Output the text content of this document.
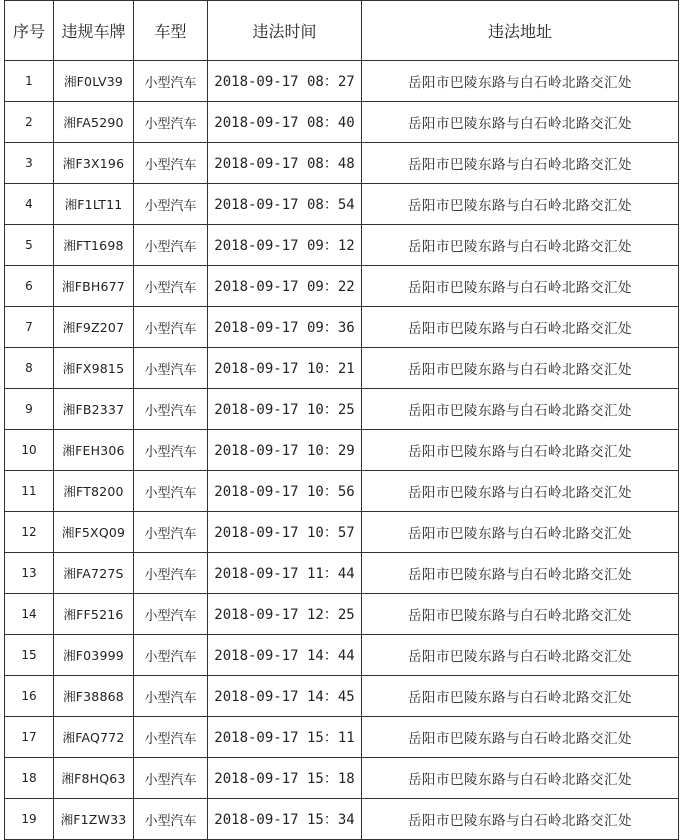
序号	违规车牌	车型	违法时间	违法地址
1	湘F0LV39	小型汽车	2018-09-17 08：27	岳阳市巴陵东路与白石岭北路交汇处
2	湘FA5290	小型汽车	2018-09-17 08：40	岳阳市巴陵东路与白石岭北路交汇处
3	湘F3X196	小型汽车	2018-09-17 08：48	岳阳市巴陵东路与白石岭北路交汇处
4	湘F1LT11	小型汽车	2018-09-17 08：54	岳阳市巴陵东路与白石岭北路交汇处
5	湘FT1698	小型汽车	2018-09-17 09：12	岳阳市巴陵东路与白石岭北路交汇处
6	湘FBH677	小型汽车	2018-09-17 09：22	岳阳市巴陵东路与白石岭北路交汇处
7	湘F9Z207	小型汽车	2018-09-17 09：36	岳阳市巴陵东路与白石岭北路交汇处
8	湘FX9815	小型汽车	2018-09-17 10：21	岳阳市巴陵东路与白石岭北路交汇处
9	湘FB2337	小型汽车	2018-09-17 10：25	岳阳市巴陵东路与白石岭北路交汇处
10	湘FEH306	小型汽车	2018-09-17 10：29	岳阳市巴陵东路与白石岭北路交汇处
11	湘FT8200	小型汽车	2018-09-17 10：56	岳阳市巴陵东路与白石岭北路交汇处
12	湘F5XQ09	小型汽车	2018-09-17 10：57	岳阳市巴陵东路与白石岭北路交汇处
13	湘FA727S	小型汽车	2018-09-17 11：44	岳阳市巴陵东路与白石岭北路交汇处
14	湘FF5216	小型汽车	2018-09-17 12：25	岳阳市巴陵东路与白石岭北路交汇处
15	湘F03999	小型汽车	2018-09-17 14：44	岳阳市巴陵东路与白石岭北路交汇处
16	湘F38868	小型汽车	2018-09-17 14：45	岳阳市巴陵东路与白石岭北路交汇处
17	湘FAQ772	小型汽车	2018-09-17 15：11	岳阳市巴陵东路与白石岭北路交汇处
18	湘F8HQ63	小型汽车	2018-09-17 15：18	岳阳市巴陵东路与白石岭北路交汇处
19	湘F1ZW33	小型汽车	2018-09-17 15：34	岳阳市巴陵东路与白石岭北路交汇处
